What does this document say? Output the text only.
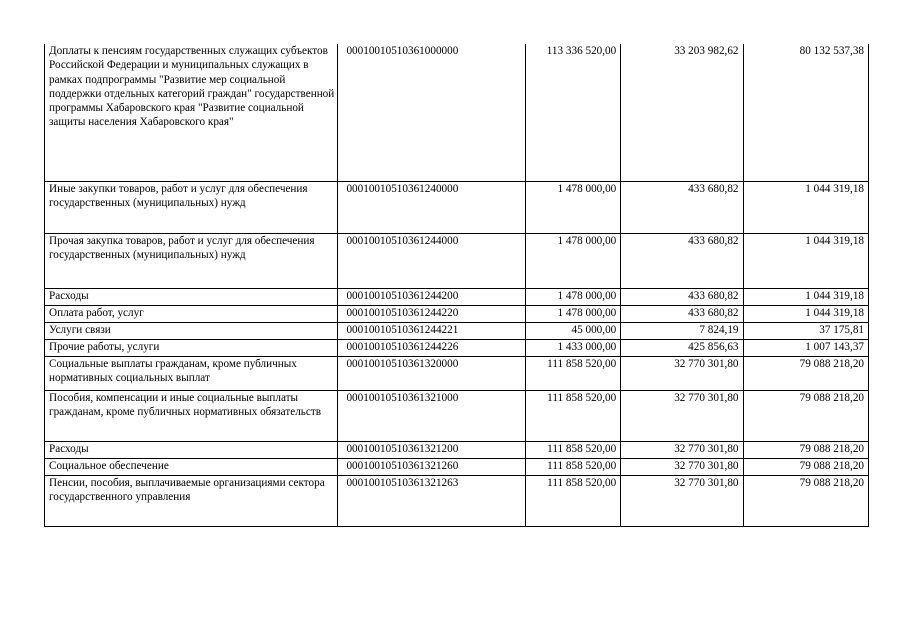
Доплаты к пенсиям государственных служащих субъектов Российской Федерации и муниципальных служащих в рамках подпрограммы "Развитие мер социальной поддержки отдельных категорий граждан" государственной программы Хабаровского края "Развитие социальной защиты населения Хабаровского края"	00010010510361000000	113 336 520,00	33 203 982,62	80 132 537,38
Иные закупки товаров, работ и услуг для обеспечения государственных (муниципальных) нужд	00010010510361240000	1 478 000,00	433 680,82	1 044 319,18
Прочая закупка товаров, работ и услуг для обеспечения государственных (муниципальных) нужд	00010010510361244000	1 478 000,00	433 680,82	1 044 319,18
Расходы	00010010510361244200	1 478 000,00	433 680,82	1 044 319,18
Оплата работ, услуг	00010010510361244220	1 478 000,00	433 680,82	1 044 319,18
Услуги связи	00010010510361244221	45 000,00	7 824,19	37 175,81
Прочие работы, услуги	00010010510361244226	1 433 000,00	425 856,63	1 007 143,37
Социальные выплаты гражданам, кроме публичных нормативных социальных выплат	00010010510361320000	111 858 520,00	32 770 301,80	79 088 218,20
Пособия, компенсации и иные социальные выплаты гражданам, кроме публичных нормативных обязательств	00010010510361321000	111 858 520,00	32 770 301,80	79 088 218,20
Расходы	00010010510361321200	111 858 520,00	32 770 301,80	79 088 218,20
Социальное обеспечение	00010010510361321260	111 858 520,00	32 770 301,80	79 088 218,20
Пенсии, пособия, выплачиваемые организациями сектора государственного управления	00010010510361321263	111 858 520,00	32 770 301,80	79 088 218,20
